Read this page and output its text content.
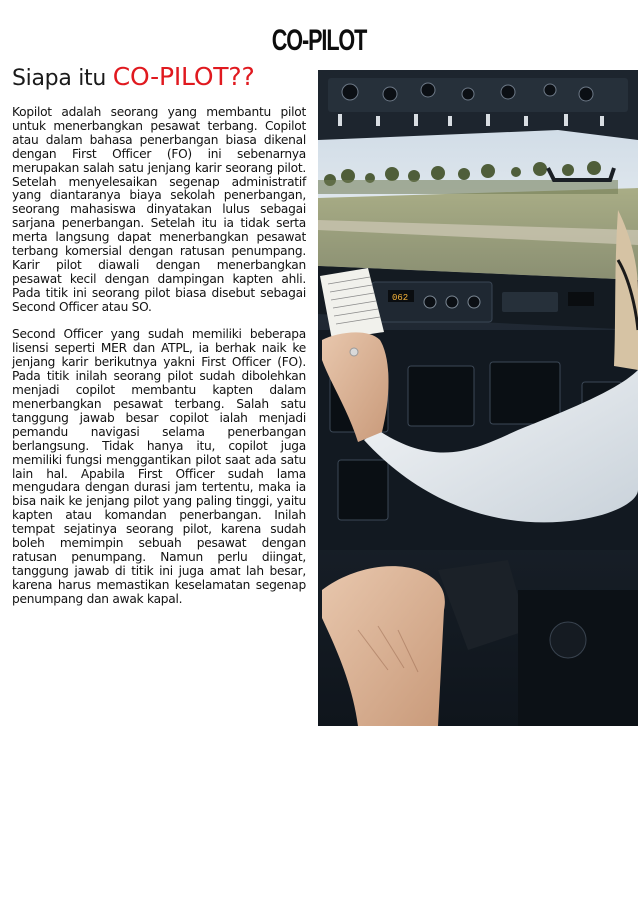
CO-PILOT
Siapa itu CO-PILOT??

Kopilot adalah seorang yang membantu pilot untuk menerbangkan pesawat terbang. Copilot atau dalam bahasa penerbangan biasa dikenal dengan First Officer (FO) ini sebenarnya merupakan salah satu jenjang karir seorang pilot. Setelah menyelesaikan segenap administratif yang diantaranya biaya sekolah penerbangan, seorang mahasiswa dinyatakan lulus sebagai sarjana penerbangan. Setelah itu ia tidak serta merta langsung dapat menerbangkan pesawat terbang komersial dengan ratusan penumpang. Karir pilot diawali dengan menerbangkan pesawat kecil dengan dampingan kapten ahli. Pada titik ini seorang pilot biasa disebut sebagai Second Officer atau SO.

Second Officer yang sudah memiliki beberapa lisensi seperti MER dan ATPL, ia berhak naik ke jenjang karir berikutnya yakni First Officer (FO). Pada titik inilah seorang pilot sudah dibolehkan menjadi copilot membantu kapten dalam menerbangkan pesawat terbang. Salah satu tanggung jawab besar copilot ialah menjadi pemandu navigasi selama penerbangan berlangsung. Tidak hanya itu, copilot juga memiliki fungsi menggantikan pilot saat ada satu lain hal. Apabila First Officer sudah lama mengudara dengan durasi jam tertentu, maka ia bisa naik ke jenjang pilot yang paling tinggi, yaitu kapten atau komandan penerbangan. Inilah tempat sejatinya seorang pilot, karena sudah boleh memimpin sebuah pesawat dengan ratusan penumpang. Namun perlu diingat, tanggung jawab di titik ini juga amat lah besar, karena harus memastikan keselamatan segenap penumpang dan awak kapal.

062
